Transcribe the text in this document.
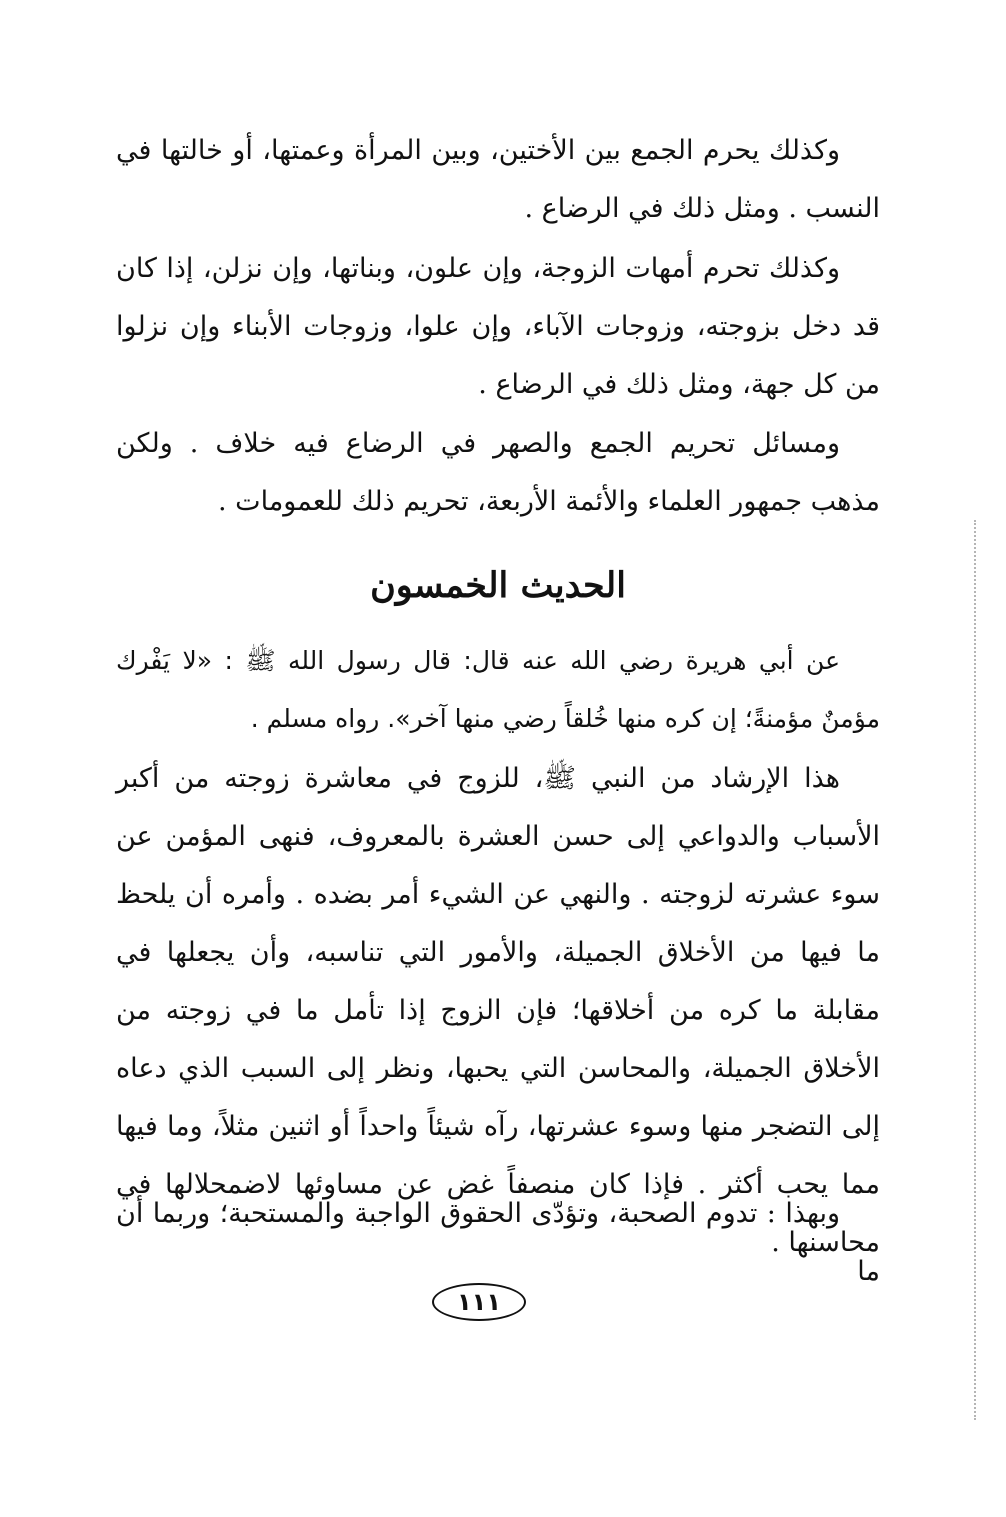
وكذلك يحرم الجمع بين الأختين، وبين المرأة وعمتها، أو خالتها في النسب . ومثل ذلك في الرضاع .

وكذلك تحرم أمهات الزوجة، وإن علون، وبناتها، وإن نزلن، إذا كان قد دخل بزوجته، وزوجات الآباء، وإن علوا، وزوجات الأبناء وإن نزلوا من كل جهة، ومثل ذلك في الرضاع .

ومسائل تحريم الجمع والصهر في الرضاع فيه خلاف . ولكن مذهب جمهور العلماء والأئمة الأربعة، تحريم ذلك للعمومات .

الحديث الخمسون

عن أبي هريرة رضي الله عنه قال: قال رسول الله ﷺ : «لا يَفْرك مؤمنٌ مؤمنةً؛ إن كره منها خُلقاً رضي منها آخر». رواه مسلم .

هذا الإرشاد من النبي ﷺ، للزوج في معاشرة زوجته من أكبر الأسباب والدواعي إلى حسن العشرة بالمعروف، فنهى المؤمن عن سوء عشرته لزوجته . والنهي عن الشيء أمر بضده . وأمره أن يلحظ ما فيها من الأخلاق الجميلة، والأمور التي تناسبه، وأن يجعلها في مقابلة ما كره من أخلاقها؛ فإن الزوج إذا تأمل ما في زوجته من الأخلاق الجميلة، والمحاسن التي يحبها، ونظر إلى السبب الذي دعاه إلى التضجر منها وسوء عشرتها، رآه شيئاً واحداً أو اثنين مثلاً، وما فيها مما يحب أكثر . فإذا كان منصفاً غض عن مساوئها لاضمحلالها في محاسنها .

وبهذا : تدوم الصحبة، وتؤدّى الحقوق الواجبة والمستحبة؛ وربما أن ما

١١١
